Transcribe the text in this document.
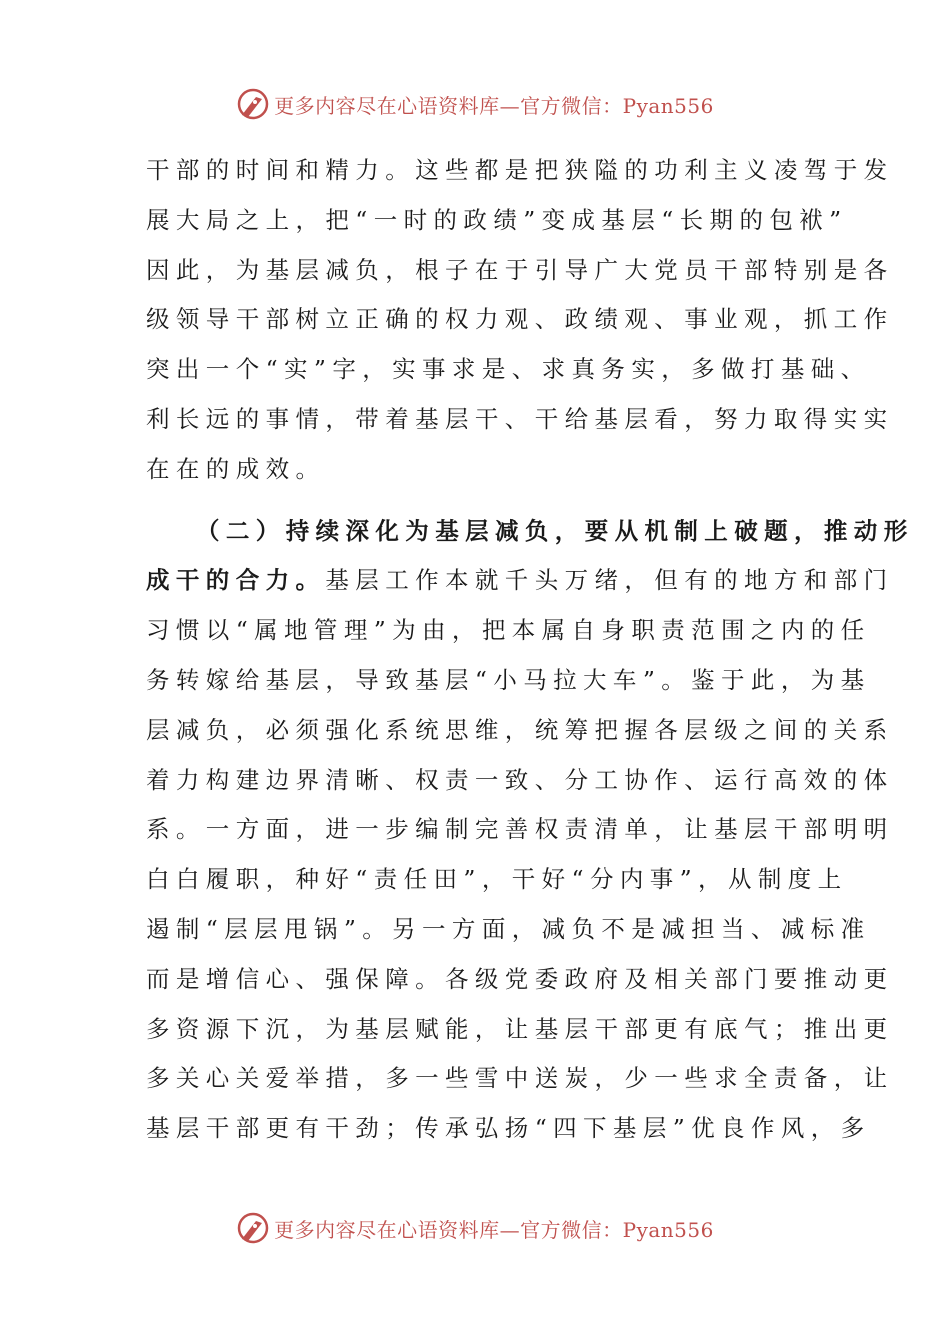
更多内容尽在心语资料库—官方微信：Pyan556
干部的时间和精力。这些都是把狭隘的功利主义凌驾于发
展大局之上，把“一时的政绩”变成基层“长期的包袱”
因此，为基层减负，根子在于引导广大党员干部特别是各
级领导干部树立正确的权力观、政绩观、事业观，抓工作
突出一个“实”字，实事求是、求真务实，多做打基础、
利长远的事情，带着基层干、干给基层看，努力取得实实
在在的成效。
（二）持续深化为基层减负，要从机制上破题，推动形
成干的合力。基层工作本就千头万绪，但有的地方和部门
习惯以“属地管理”为由，把本属自身职责范围之内的任
务转嫁给基层，导致基层“小马拉大车”。鉴于此，为基
层减负，必须强化系统思维，统筹把握各层级之间的关系
着力构建边界清晰、权责一致、分工协作、运行高效的体
系。一方面，进一步编制完善权责清单，让基层干部明明
白白履职，种好“责任田”，干好“分内事”，从制度上
遏制“层层甩锅”。另一方面，减负不是减担当、减标准
而是增信心、强保障。各级党委政府及相关部门要推动更
多资源下沉，为基层赋能，让基层干部更有底气；推出更
多关心关爱举措，多一些雪中送炭，少一些求全责备，让
基层干部更有干劲；传承弘扬“四下基层”优良作风，多
更多内容尽在心语资料库—官方微信：Pyan556
